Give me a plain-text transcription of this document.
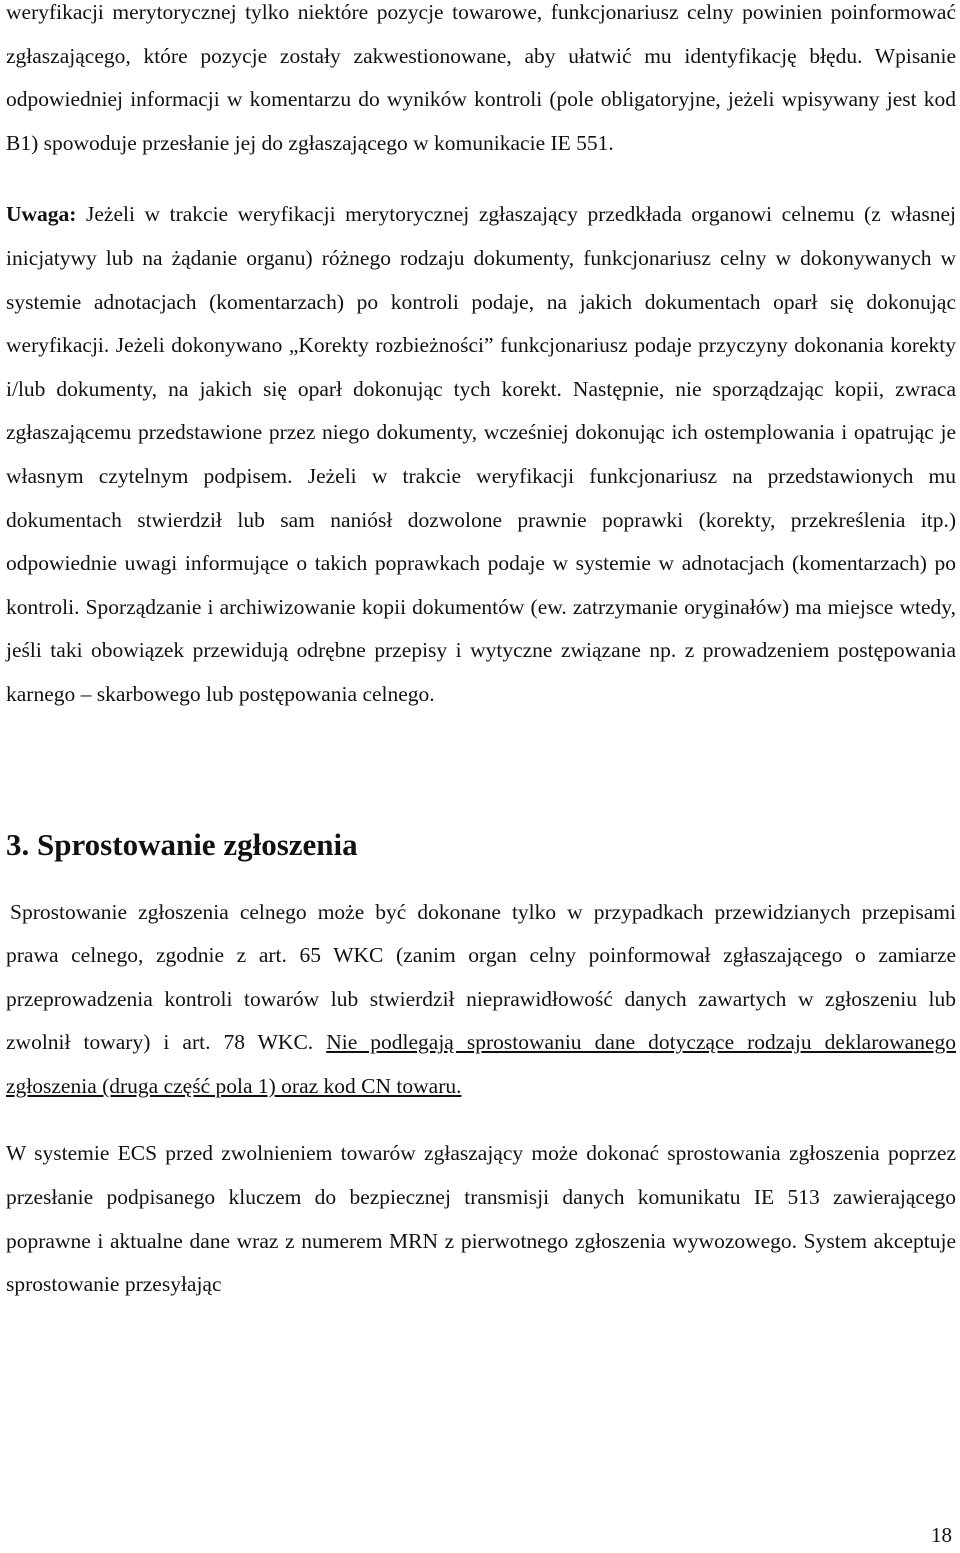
weryfikacji merytorycznej tylko niektóre pozycje towarowe, funkcjonariusz celny powinien poinformować zgłaszającego, które pozycje zostały zakwestionowane, aby ułatwić mu identyfikację błędu. Wpisanie odpowiedniej informacji w komentarzu do wyników kontroli (pole obligatoryjne, jeżeli wpisywany jest kod B1) spowoduje przesłanie jej do zgłaszającego w komunikacie IE 551.

Uwaga: Jeżeli w trakcie weryfikacji merytorycznej zgłaszający przedkłada organowi celnemu (z własnej inicjatywy lub na żądanie organu) różnego rodzaju dokumenty, funkcjonariusz celny w dokonywanych w systemie adnotacjach (komentarzach) po kontroli podaje, na jakich dokumentach oparł się dokonując weryfikacji. Jeżeli dokonywano „Korekty rozbieżności” funkcjonariusz podaje przyczyny dokonania korekty i/lub dokumenty, na jakich się oparł dokonując tych korekt. Następnie, nie sporządzając kopii, zwraca zgłaszającemu przedstawione przez niego dokumenty, wcześniej dokonując ich ostemplowania i opatrując je własnym czytelnym podpisem. Jeżeli w trakcie weryfikacji funkcjonariusz na przedstawionych mu dokumentach stwierdził lub sam naniósł dozwolone prawnie poprawki (korekty, przekreślenia itp.) odpowiednie uwagi informujące o takich poprawkach podaje w systemie w adnotacjach (komentarzach) po kontroli. Sporządzanie i archiwizowanie kopii dokumentów (ew. zatrzymanie oryginałów) ma miejsce wtedy, jeśli taki obowiązek przewidują odrębne przepisy i wytyczne związane np. z prowadzeniem postępowania karnego – skarbowego lub postępowania celnego.

3. Sprostowanie zgłoszenia

Sprostowanie zgłoszenia celnego może być dokonane tylko w przypadkach przewidzianych przepisami prawa celnego, zgodnie z art. 65 WKC (zanim organ celny poinformował zgłaszającego o zamiarze przeprowadzenia kontroli towarów lub stwierdził nieprawidłowość danych zawartych w zgłoszeniu lub zwolnił towary) i art. 78 WKC. Nie podlegają sprostowaniu dane dotyczące rodzaju deklarowanego zgłoszenia (druga część pola 1) oraz kod CN towaru.

W systemie ECS przed zwolnieniem towarów zgłaszający może dokonać sprostowania zgłoszenia poprzez przesłanie podpisanego kluczem do bezpiecznej transmisji danych komunikatu IE 513 zawierającego poprawne i aktualne dane wraz z numerem MRN z pierwotnego zgłoszenia wywozowego. System akceptuje sprostowanie przesyłając

18
